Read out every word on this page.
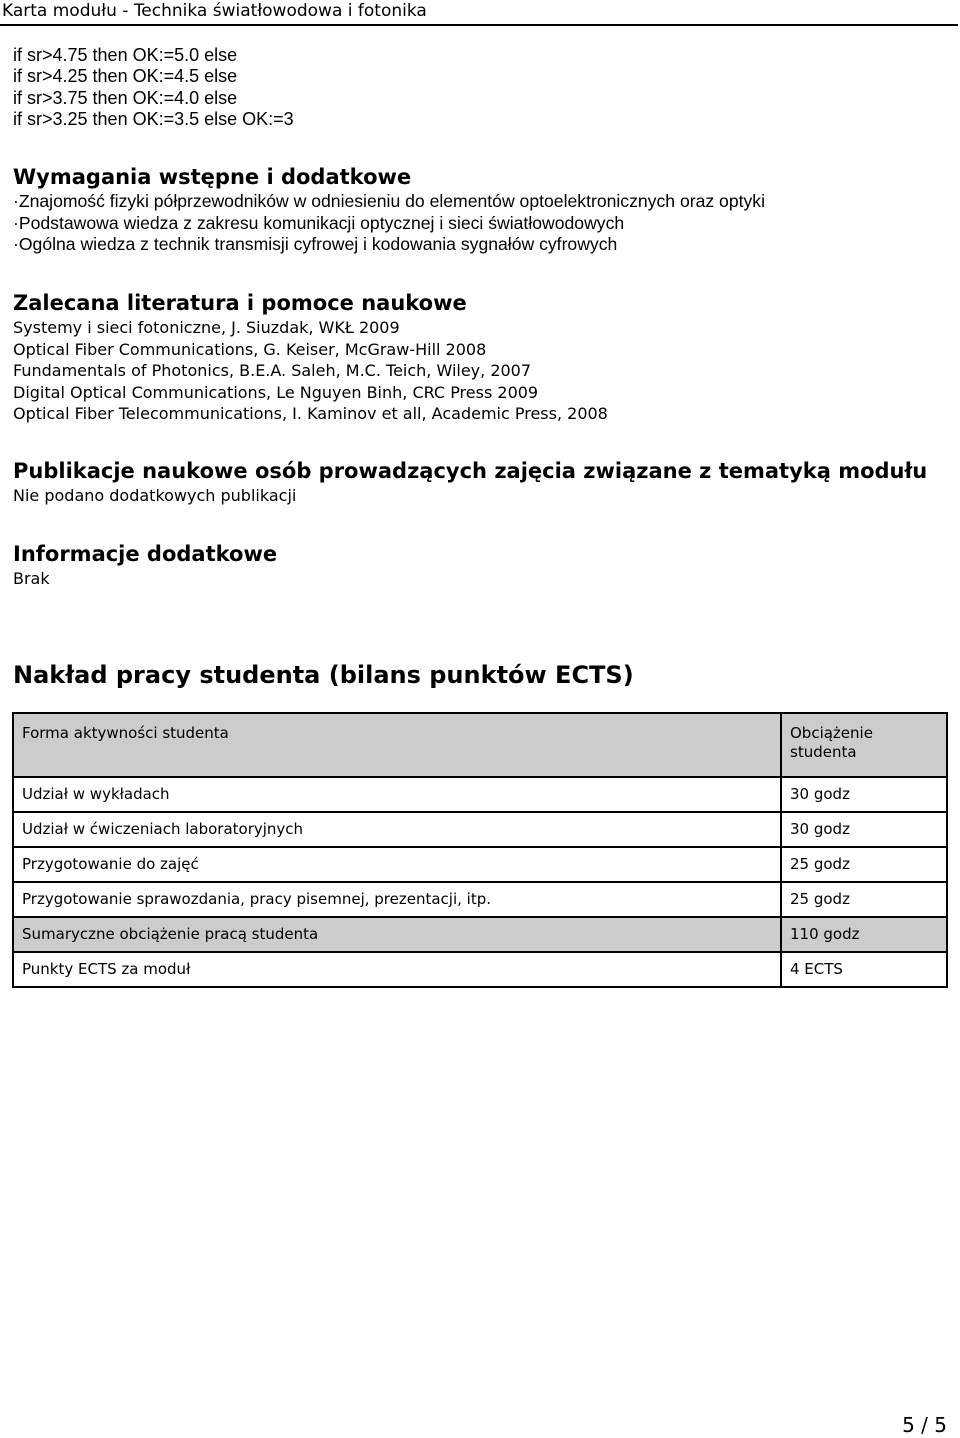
Karta modułu - Technika światłowodowa i fotonika
if sr>4.75 then OK:=5.0 else
if sr>4.25 then OK:=4.5 else
if sr>3.75 then OK:=4.0 else
if sr>3.25 then OK:=3.5 else OK:=3
Wymagania wstępne i dodatkowe
·Znajomość fizyki półprzewodników w odniesieniu do elementów optoelektronicznych oraz optyki
·Podstawowa wiedza z zakresu komunikacji optycznej i sieci światłowodowych
·Ogólna wiedza z technik transmisji cyfrowej i kodowania sygnałów cyfrowych
Zalecana literatura i pomoce naukowe
Systemy i sieci fotoniczne, J. Siuzdak, WKŁ 2009
Optical Fiber Communications, G. Keiser, McGraw-Hill 2008
Fundamentals of Photonics, B.E.A. Saleh, M.C. Teich, Wiley, 2007
Digital Optical Communications, Le Nguyen Binh, CRC Press 2009
Optical Fiber Telecommunications, I. Kaminov et all, Academic Press, 2008
Publikacje naukowe osób prowadzących zajęcia związane z tematyką modułu
Nie podano dodatkowych publikacji
Informacje dodatkowe
Brak
Nakład pracy studenta (bilans punktów ECTS)
Forma aktywności studenta	Obciążenie studenta
Udział w wykładach	30 godz
Udział w ćwiczeniach laboratoryjnych	30 godz
Przygotowanie do zajęć	25 godz
Przygotowanie sprawozdania, pracy pisemnej, prezentacji, itp.	25 godz
Sumaryczne obciążenie pracą studenta	110 godz
Punkty ECTS za moduł	4 ECTS
5 / 5
